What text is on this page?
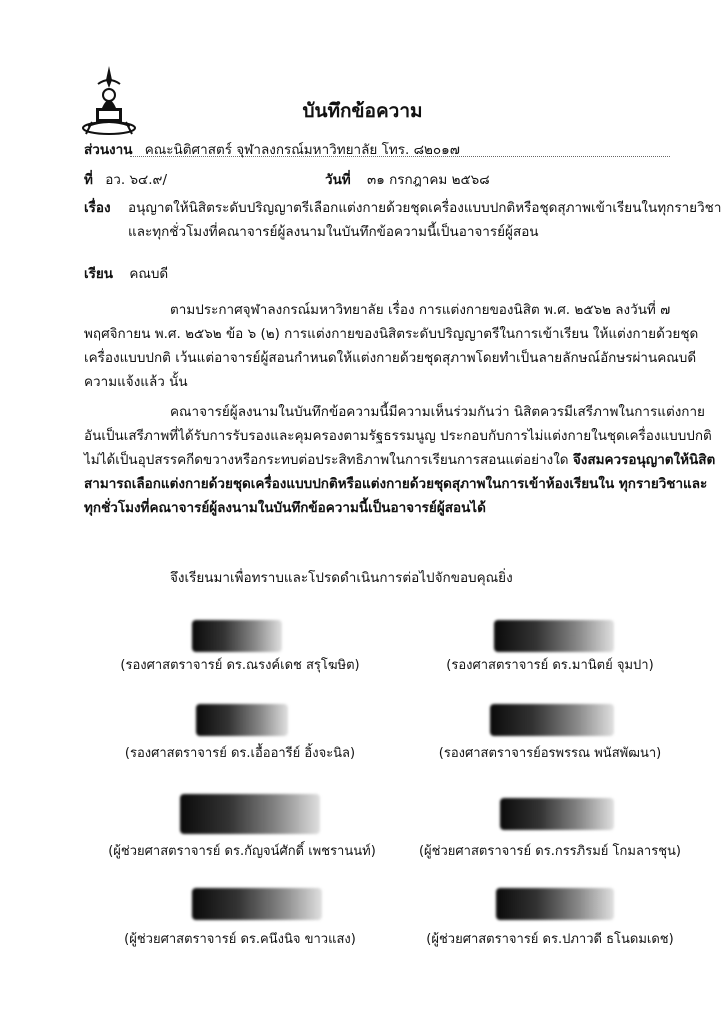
บันทึกข้อความ
ส่วนงาน คณะนิติศาสตร์ จุฬาลงกรณ์มหาวิทยาลัย โทร. ๘๒๐๑๗
ที่ อว. ๖๔.๙/	วันที่ ๓๑ กรกฎาคม ๒๕๖๘
เรื่อง อนุญาตให้นิสิตระดับปริญญาตรีเลือกแต่งกายด้วยชุดเครื่องแบบปกติหรือชุดสุภาพเข้าเรียนในทุกรายวิชา
และทุกชั่วโมงที่คณาจารย์ผู้ลงนามในบันทึกข้อความนี้เป็นอาจารย์ผู้สอน
เรียน คณบดี
ตามประกาศจุฬาลงกรณ์มหาวิทยาลัย เรื่อง การแต่งกายของนิสิต พ.ศ. ๒๕๖๒ ลงวันที่ ๗
พฤศจิกายน พ.ศ. ๒๕๖๒ ข้อ ๖ (๒) การแต่งกายของนิสิตระดับปริญญาตรีในการเข้าเรียน ให้แต่งกายด้วยชุด
เครื่องแบบปกติ เว้นแต่อาจารย์ผู้สอนกำหนดให้แต่งกายด้วยชุดสุภาพโดยทำเป็นลายลักษณ์อักษรผ่านคณบดี
ความแจ้งแล้ว นั้น
คณาจารย์ผู้ลงนามในบันทึกข้อความนี้มีความเห็นร่วมกันว่า นิสิตควรมีเสรีภาพในการแต่งกาย
อันเป็นเสรีภาพที่ได้รับการรับรองและคุมครองตามรัฐธรรมนูญ ประกอบกับการไม่แต่งกายในชุดเครื่องแบบปกติ
ไม่ได้เป็นอุปสรรคกีดขวางหรือกระทบต่อประสิทธิภาพในการเรียนการสอนแต่อย่างใด จึงสมควรอนุญาตให้นิสิต
สามารถเลือกแต่งกายด้วยชุดเครื่องแบบปกติหรือแต่งกายด้วยชุดสุภาพในการเข้าห้องเรียนใน ทุกรายวิชาและ
ทุกชั่วโมงที่คณาจารย์ผู้ลงนามในบันทึกข้อความนี้เป็นอาจารย์ผู้สอนได้
จึงเรียนมาเพื่อทราบและโปรดดำเนินการต่อไปจักขอบคุณยิ่ง
(รองศาสตราจารย์ ดร.ณรงค์เดช สรุโฆษิต)	(รองศาสตราจารย์ ดร.มานิตย์ จุมปา)
(รองศาสตราจารย์ ดร.เอื้ออารีย์ อิ้งจะนิล)	(รองศาสตราจารย์อรพรรณ พนัสพัฒนา)
(ผู้ช่วยศาสตราจารย์ ดร.กัญจน์ศักดิ์ เพชรานนท์)	(ผู้ช่วยศาสตราจารย์ ดร.กรรภิรมย์ โกมลารชุน)
(ผู้ช่วยศาสตราจารย์ ดร.คนึงนิจ ขาวแสง)	(ผู้ช่วยศาสตราจารย์ ดร.ปภาวดี ธโนดมเดช)
